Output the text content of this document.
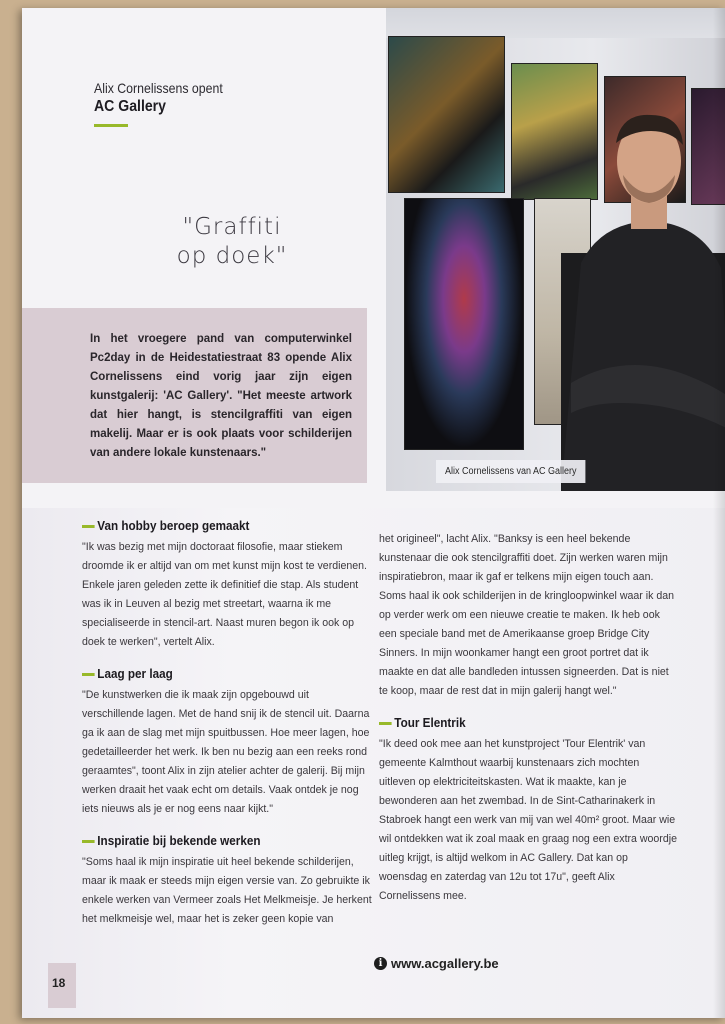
Alix Cornelissens opent
AC Gallery
"Graffiti
op doek"
In het vroegere pand van computerwinkel Pc2day in de Heidestatiestraat 83 opende Alix Cornelissens eind vorig jaar zijn eigen kunstgalerij: 'AC Gallery'. "Het meeste artwork dat hier hangt, is stencilgraffiti van eigen makelij. Maar er is ook plaats voor schilderijen van andere lokale kunstenaars."
Alix Cornelissens van AC Gallery
Van hobby beroep gemaakt

"Ik was bezig met mijn doctoraat filosofie, maar stiekem droomde ik er altijd van om met kunst mijn kost te verdienen. Enkele jaren geleden zette ik definitief die stap. Als student was ik in Leuven al bezig met streetart, waarna ik me specialiseerde in stencil-art. Naast muren begon ik ook op doek te werken", vertelt Alix.

Laag per laag

"De kunstwerken die ik maak zijn opgebouwd uit verschillende lagen. Met de hand snij ik de stencil uit. Daarna ga ik aan de slag met mijn spuitbussen. Hoe meer lagen, hoe gedetailleerder het werk. Ik ben nu bezig aan een reeks rond geraamtes", toont Alix in zijn atelier achter de galerij. Bij mijn werken draait het vaak echt om details. Vaak ontdek je nog iets nieuws als je er nog eens naar kijkt."

Inspiratie bij bekende werken

"Soms haal ik mijn inspiratie uit heel bekende schilderijen, maar ik maak er steeds mijn eigen versie van. Zo gebruikte ik enkele werken van Vermeer zoals Het Melkmeisje. Je herkent het melkmeisje wel, maar het is zeker geen kopie van

het origineel", lacht Alix. "Banksy is een heel bekende kunstenaar die ook stencilgraffiti doet. Zijn werken waren mijn inspiratiebron, maar ik gaf er telkens mijn eigen touch aan. Soms haal ik ook schilderijen in de kringloopwinkel waar ik dan op verder werk om een nieuwe creatie te maken. Ik heb ook een speciale band met de Amerikaanse groep Bridge City Sinners. In mijn woonkamer hangt een groot portret dat ik maakte en dat alle bandleden intussen signeerden. Dat is niet te koop, maar de rest dat in mijn galerij hangt wel."

Tour Elentrik

"Ik deed ook mee aan het kunstproject 'Tour Elentrik' van gemeente Kalmthout waarbij kunstenaars zich mochten uitleven op elektriciteitskasten. Wat ik maakte, kan je bewonderen aan het zwembad. In de Sint-Catharinakerk in Stabroek hangt een werk van mij van wel 40m² groot. Maar wie wil ontdekken wat ik zoal maak en graag nog een extra woordje uitleg krijgt, is altijd welkom in AC Gallery. Dat kan op woensdag en zaterdag van 12u tot 17u", geeft Alix Cornelissens mee.

i www.acgallery.be
18
